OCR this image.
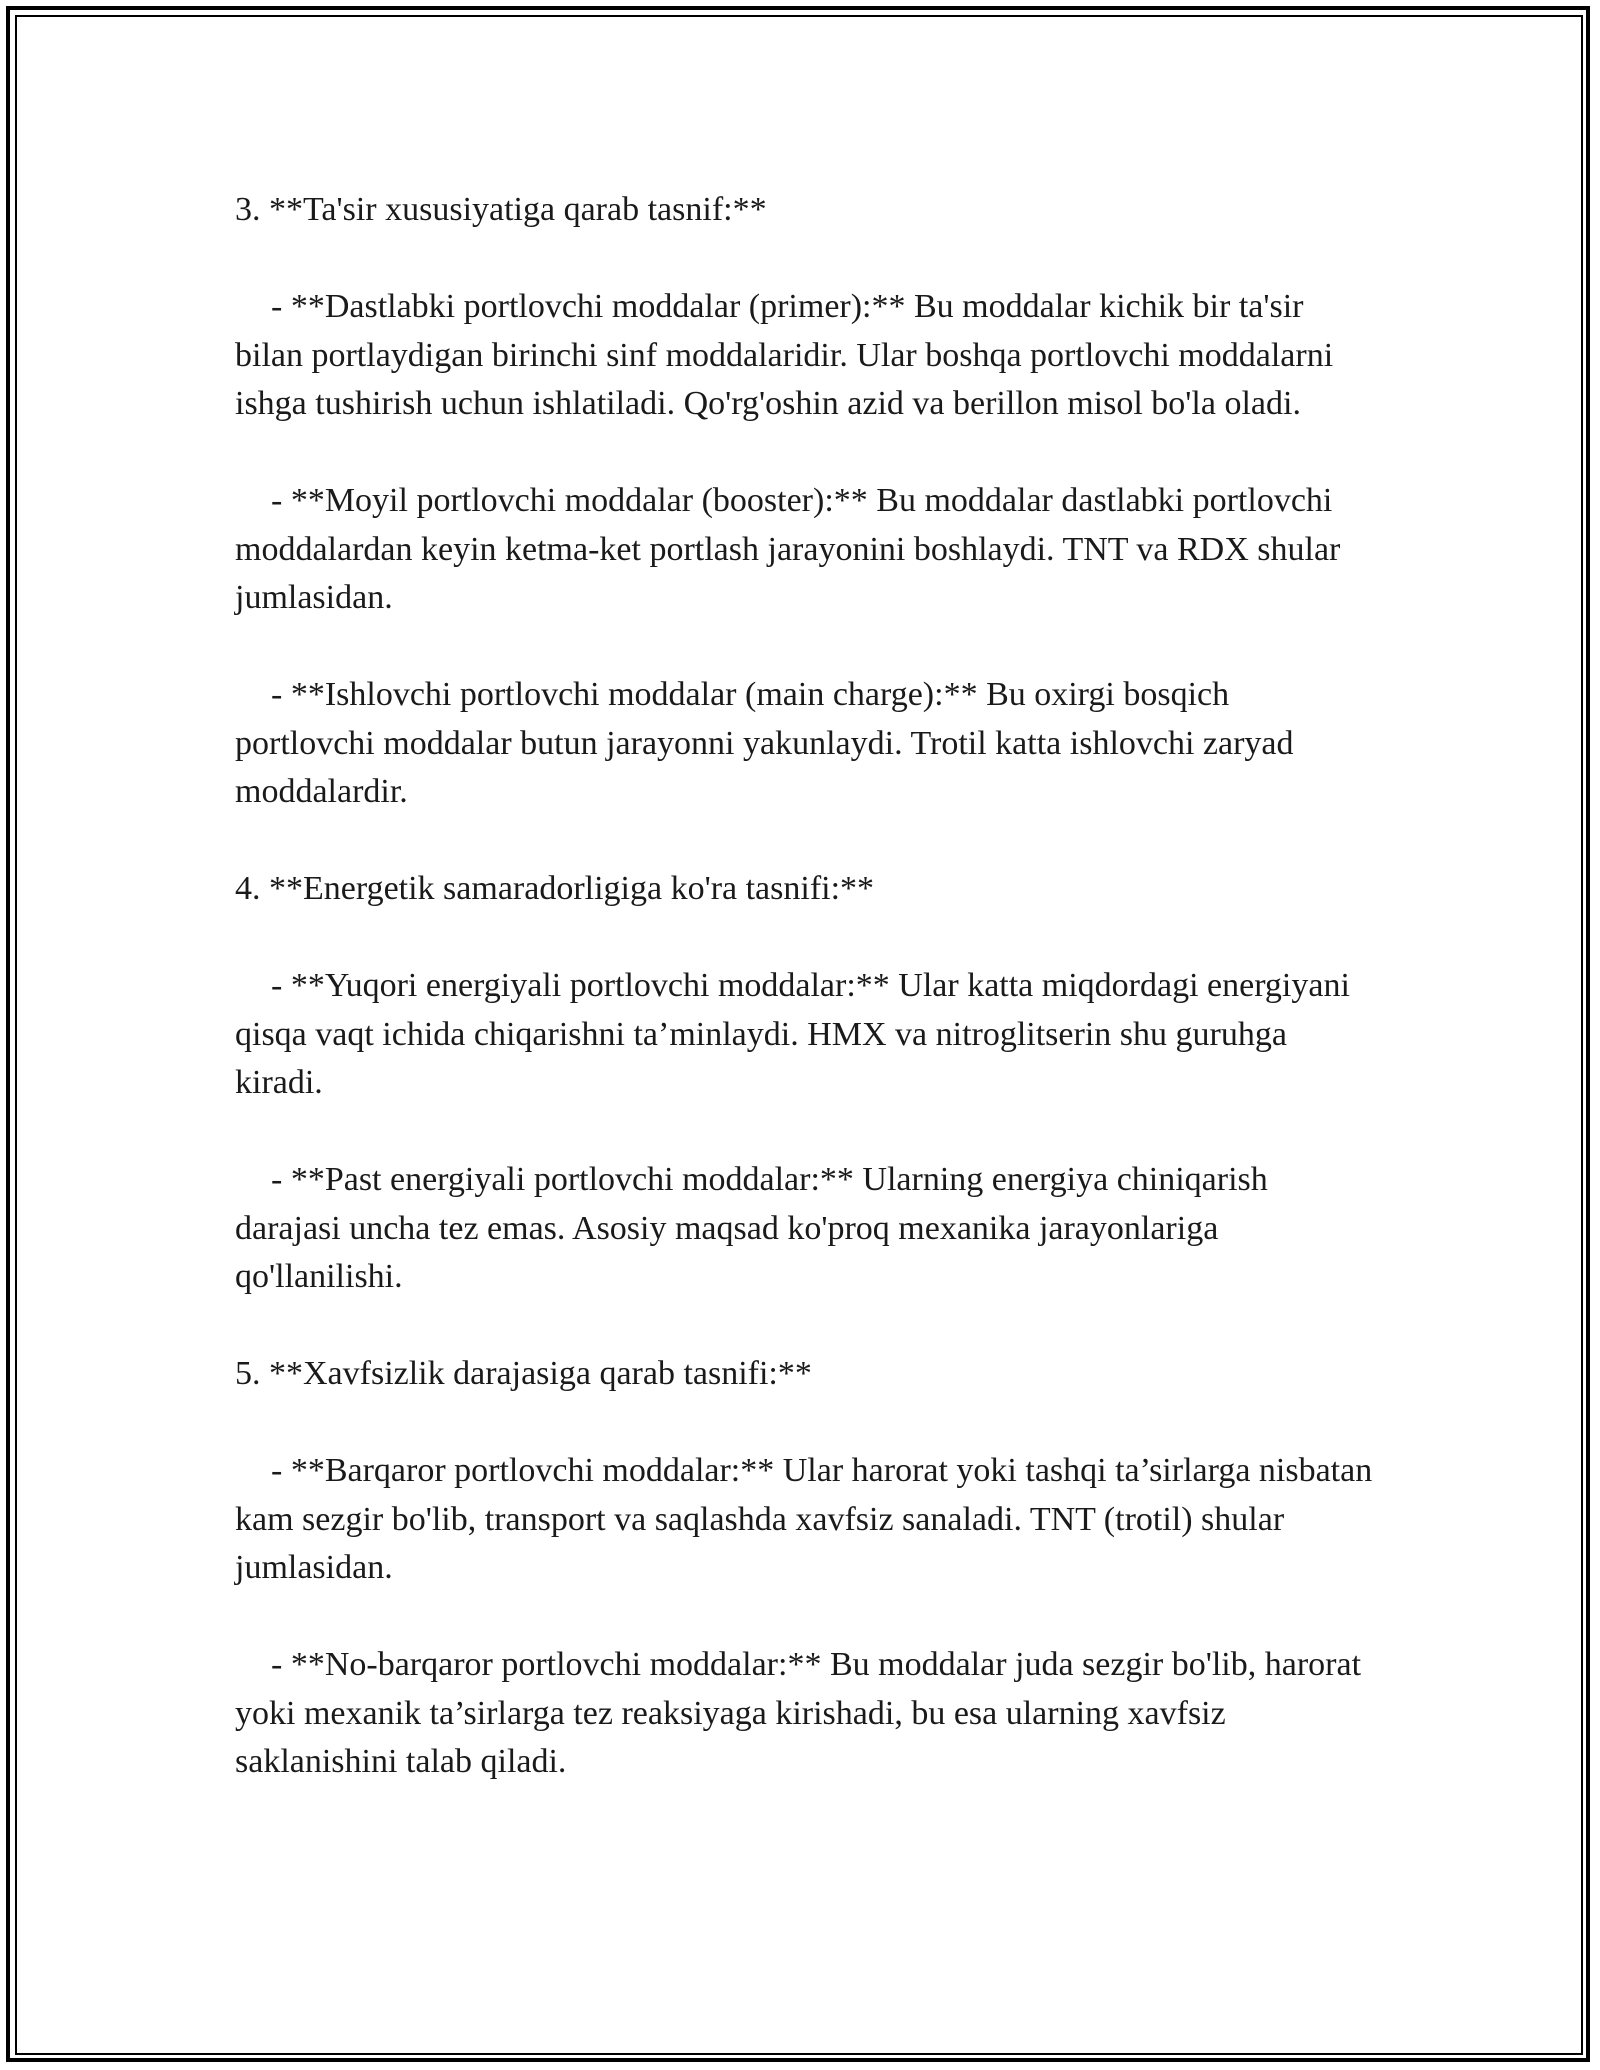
3. **Ta'sir xususiyatiga qarab tasnif:**

- **Dastlabki portlovchi moddalar (primer):** Bu moddalar kichik bir ta'sir bilan portlaydigan birinchi sinf moddalaridir. Ular boshqa portlovchi moddalarni ishga tushirish uchun ishlatiladi. Qo'rg'oshin azid va berillon misol bo'la oladi.

- **Moyil portlovchi moddalar (booster):** Bu moddalar dastlabki portlovchi moddalardan keyin ketma-ket portlash jarayonini boshlaydi. TNT va RDX shular jumlasidan.

- **Ishlovchi portlovchi moddalar (main charge):** Bu oxirgi bosqich portlovchi moddalar butun jarayonni yakunlaydi. Trotil katta ishlovchi zaryad moddalardir.

4. **Energetik samaradorligiga ko'ra tasnifi:**

- **Yuqori energiyali portlovchi moddalar:** Ular katta miqdordagi energiyani qisqa vaqt ichida chiqarishni ta’minlaydi. HMX va nitroglitserin shu guruhga kiradi.

- **Past energiyali portlovchi moddalar:** Ularning energiya chiniqarish darajasi uncha tez emas. Asosiy maqsad ko'proq mexanika jarayonlariga qo'llanilishi.

5. **Xavfsizlik darajasiga qarab tasnifi:**

- **Barqaror portlovchi moddalar:** Ular harorat yoki tashqi ta’sirlarga nisbatan kam sezgir bo'lib, transport va saqlashda xavfsiz sanaladi. TNT (trotil) shular jumlasidan.

- **No-barqaror portlovchi moddalar:** Bu moddalar juda sezgir bo'lib, harorat yoki mexanik ta’sirlarga tez reaksiyaga kirishadi, bu esa ularning xavfsiz saklanishini talab qiladi.
